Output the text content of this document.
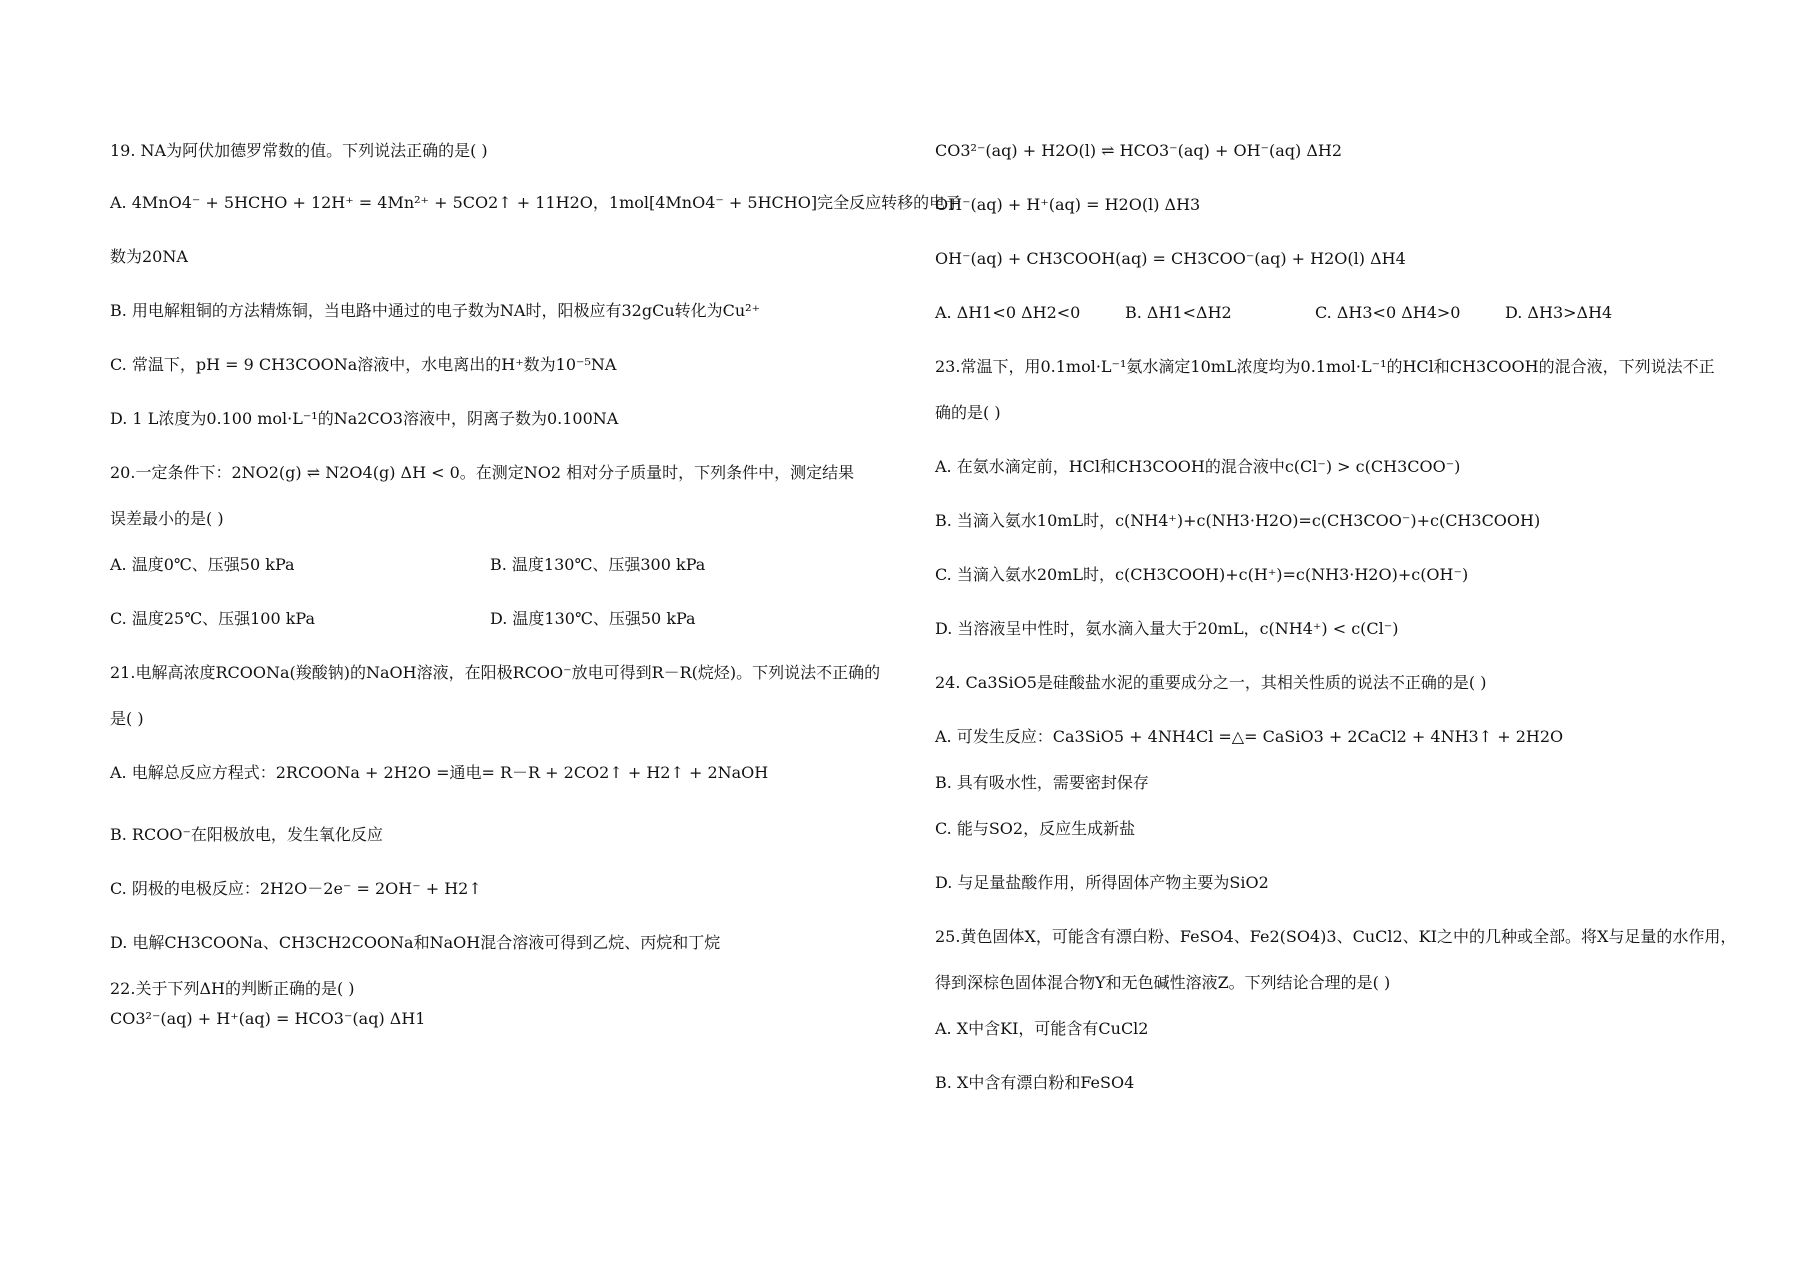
19. NA为阿伏加德罗常数的值。下列说法正确的是( )

A. 4MnO4⁻ + 5HCHO + 12H⁺ = 4Mn²⁺ + 5CO2↑ + 11H2O，1mol[4MnO4⁻ + 5HCHO]完全反应转移的电子

数为20NA

B. 用电解粗铜的方法精炼铜，当电路中通过的电子数为NA时，阳极应有32gCu转化为Cu²⁺

C. 常温下，pH = 9 CH3COONa溶液中，水电离出的H⁺数为10⁻⁵NA

D. 1 L浓度为0.100 mol·L⁻¹的Na2CO3溶液中，阴离子数为0.100NA

20.一定条件下：2NO2(g) ⇌ N2O4(g) ΔH < 0。在测定NO2 相对分子质量时，下列条件中，测定结果

误差最小的是( )

A. 温度0℃、压强50 kPa	B. 温度130℃、压强300 kPa
C. 温度25℃、压强100 kPa	D. 温度130℃、压强50 kPa

21.电解高浓度RCOONa(羧酸钠)的NaOH溶液，在阳极RCOO⁻放电可得到R－R(烷烃)。下列说法不正确的

是( )

A. 电解总反应方程式：2RCOONa + 2H2O =通电= R－R + 2CO2↑ + H2↑ + 2NaOH

B. RCOO⁻在阳极放电，发生氧化反应

C. 阴极的电极反应：2H2O－2e⁻ = 2OH⁻ + H2↑

D. 电解CH3COONa、CH3CH2COONa和NaOH混合溶液可得到乙烷、丙烷和丁烷

22.关于下列ΔH的判断正确的是( )

CO3²⁻(aq) + H⁺(aq) = HCO3⁻(aq) ΔH1

CO3²⁻(aq) + H2O(l) ⇌ HCO3⁻(aq) + OH⁻(aq) ΔH2

OH⁻(aq) + H⁺(aq) = H2O(l) ΔH3

OH⁻(aq) + CH3COOH(aq) = CH3COO⁻(aq) + H2O(l) ΔH4

A. ΔH1<0 ΔH2<0	B. ΔH1<ΔH2	C. ΔH3<0 ΔH4>0	D. ΔH3>ΔH4

23.常温下，用0.1mol·L⁻¹氨水滴定10mL浓度均为0.1mol·L⁻¹的HCl和CH3COOH的混合液，下列说法不正

确的是( )

A. 在氨水滴定前，HCl和CH3COOH的混合液中c(Cl⁻) > c(CH3COO⁻)

B. 当滴入氨水10mL时，c(NH4⁺)+c(NH3·H2O)=c(CH3COO⁻)+c(CH3COOH)

C. 当滴入氨水20mL时，c(CH3COOH)+c(H⁺)=c(NH3·H2O)+c(OH⁻)

D. 当溶液呈中性时，氨水滴入量大于20mL，c(NH4⁺) < c(Cl⁻)

24. Ca3SiO5是硅酸盐水泥的重要成分之一，其相关性质的说法不正确的是( )

A. 可发生反应：Ca3SiO5 + 4NH4Cl =△= CaSiO3 + 2CaCl2 + 4NH3↑ + 2H2O

B. 具有吸水性，需要密封保存

C. 能与SO2，反应生成新盐

D. 与足量盐酸作用，所得固体产物主要为SiO2

25.黄色固体X，可能含有漂白粉、FeSO4、Fe2(SO4)3、CuCl2、KI之中的几种或全部。将X与足量的水作用，

得到深棕色固体混合物Y和无色碱性溶液Z。下列结论合理的是( )

A. X中含KI，可能含有CuCl2

B. X中含有漂白粉和FeSO4
